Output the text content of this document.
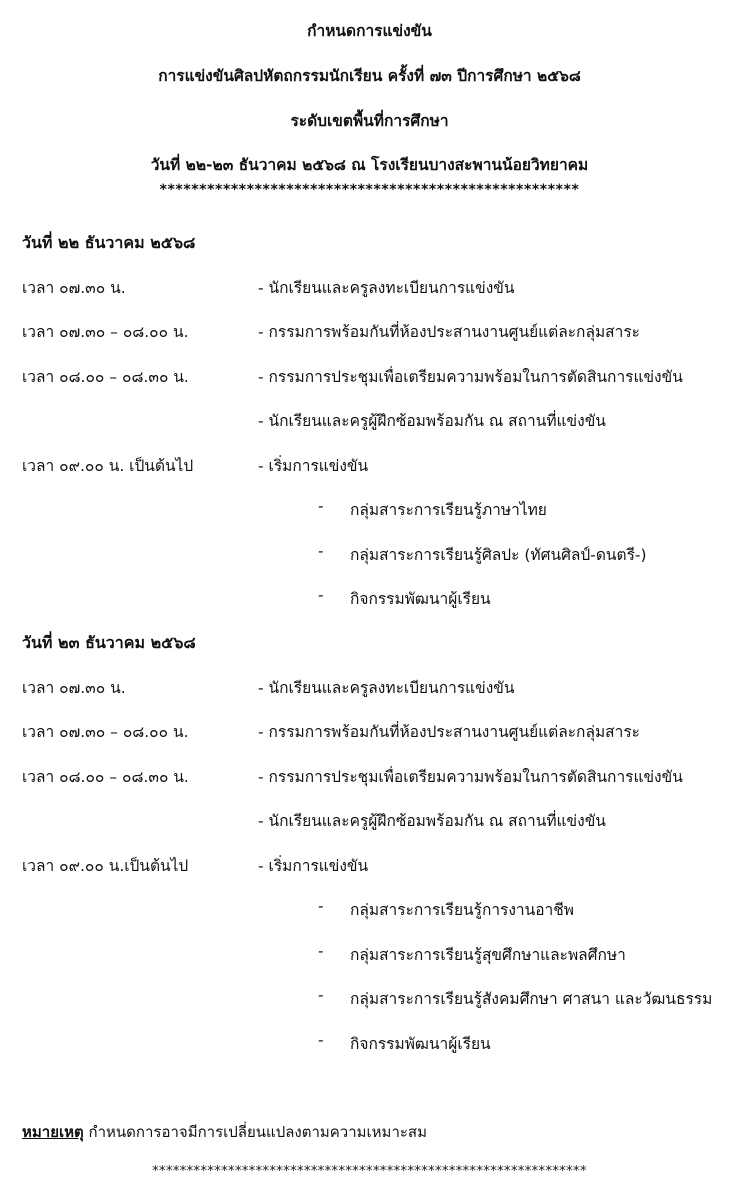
กำหนดการแข่งขัน
การแข่งขันศิลปหัตถกรรมนักเรียน ครั้งที่ ๗๓ ปีการศึกษา ๒๕๖๘
ระดับเขตพื้นที่การศึกษา
วันที่ ๒๒-๒๓ ธันวาคม ๒๕๖๘ ณ โรงเรียนบางสะพานน้อยวิทยาคม
*****************************************************
วันที่ ๒๒ ธันวาคม ๒๕๖๘
เวลา ๐๗.๓๐ น.	- นักเรียนและครูลงทะเบียนการแข่งขัน
เวลา ๐๗.๓๐ – ๐๘.๐๐ น.	- กรรมการพร้อมกันที่ห้องประสานงานศูนย์แต่ละกลุ่มสาระ
เวลา ๐๘.๐๐ – ๐๘.๓๐ น.	- กรรมการประชุมเพื่อเตรียมความพร้อมในการตัดสินการแข่งขัน
- นักเรียนและครูผู้ฝึกซ้อมพร้อมกัน ณ สถานที่แข่งขัน
เวลา ๐๙.๐๐ น. เป็นต้นไป	- เริ่มการแข่งขัน
- กลุ่มสาระการเรียนรู้ภาษาไทย
- กลุ่มสาระการเรียนรู้ศิลปะ (ทัศนศิลป์-ดนตรี-)
- กิจกรรมพัฒนาผู้เรียน
วันที่ ๒๓ ธันวาคม ๒๕๖๘
เวลา ๐๗.๓๐ น.	- นักเรียนและครูลงทะเบียนการแข่งขัน
เวลา ๐๗.๓๐ – ๐๘.๐๐ น.	- กรรมการพร้อมกันที่ห้องประสานงานศูนย์แต่ละกลุ่มสาระ
เวลา ๐๘.๐๐ – ๐๘.๓๐ น.	- กรรมการประชุมเพื่อเตรียมความพร้อมในการตัดสินการแข่งขัน
- นักเรียนและครูผู้ฝึกซ้อมพร้อมกัน ณ สถานที่แข่งขัน
เวลา ๐๙.๐๐ น.เป็นต้นไป	- เริ่มการแข่งขัน
- กลุ่มสาระการเรียนรู้การงานอาชีพ
- กลุ่มสาระการเรียนรู้สุขศึกษาและพลศึกษา
- กลุ่มสาระการเรียนรู้สังคมศึกษา ศาสนา และวัฒนธรรม
- กิจกรรมพัฒนาผู้เรียน
หมายเหตุ กำหนดการอาจมีการเปลี่ยนแปลงตามความเหมาะสม
***************************************************************
